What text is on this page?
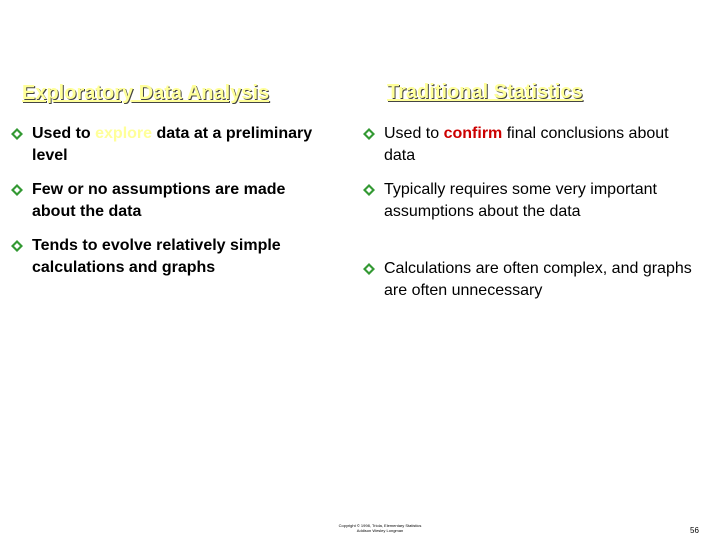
Exploratory Data Analysis	Traditional Statistics
Used to explore data at a preliminary level
Few or no assumptions are made about the data
Tends to evolve relatively simple calculations and graphs
Used to confirm final conclusions about data
Typically requires some very important assumptions about the data
Calculations are often complex, and graphs are often unnecessary
Copyright © 1998, Triola, Elementary Statistics
Addison Wesley Longman	56
